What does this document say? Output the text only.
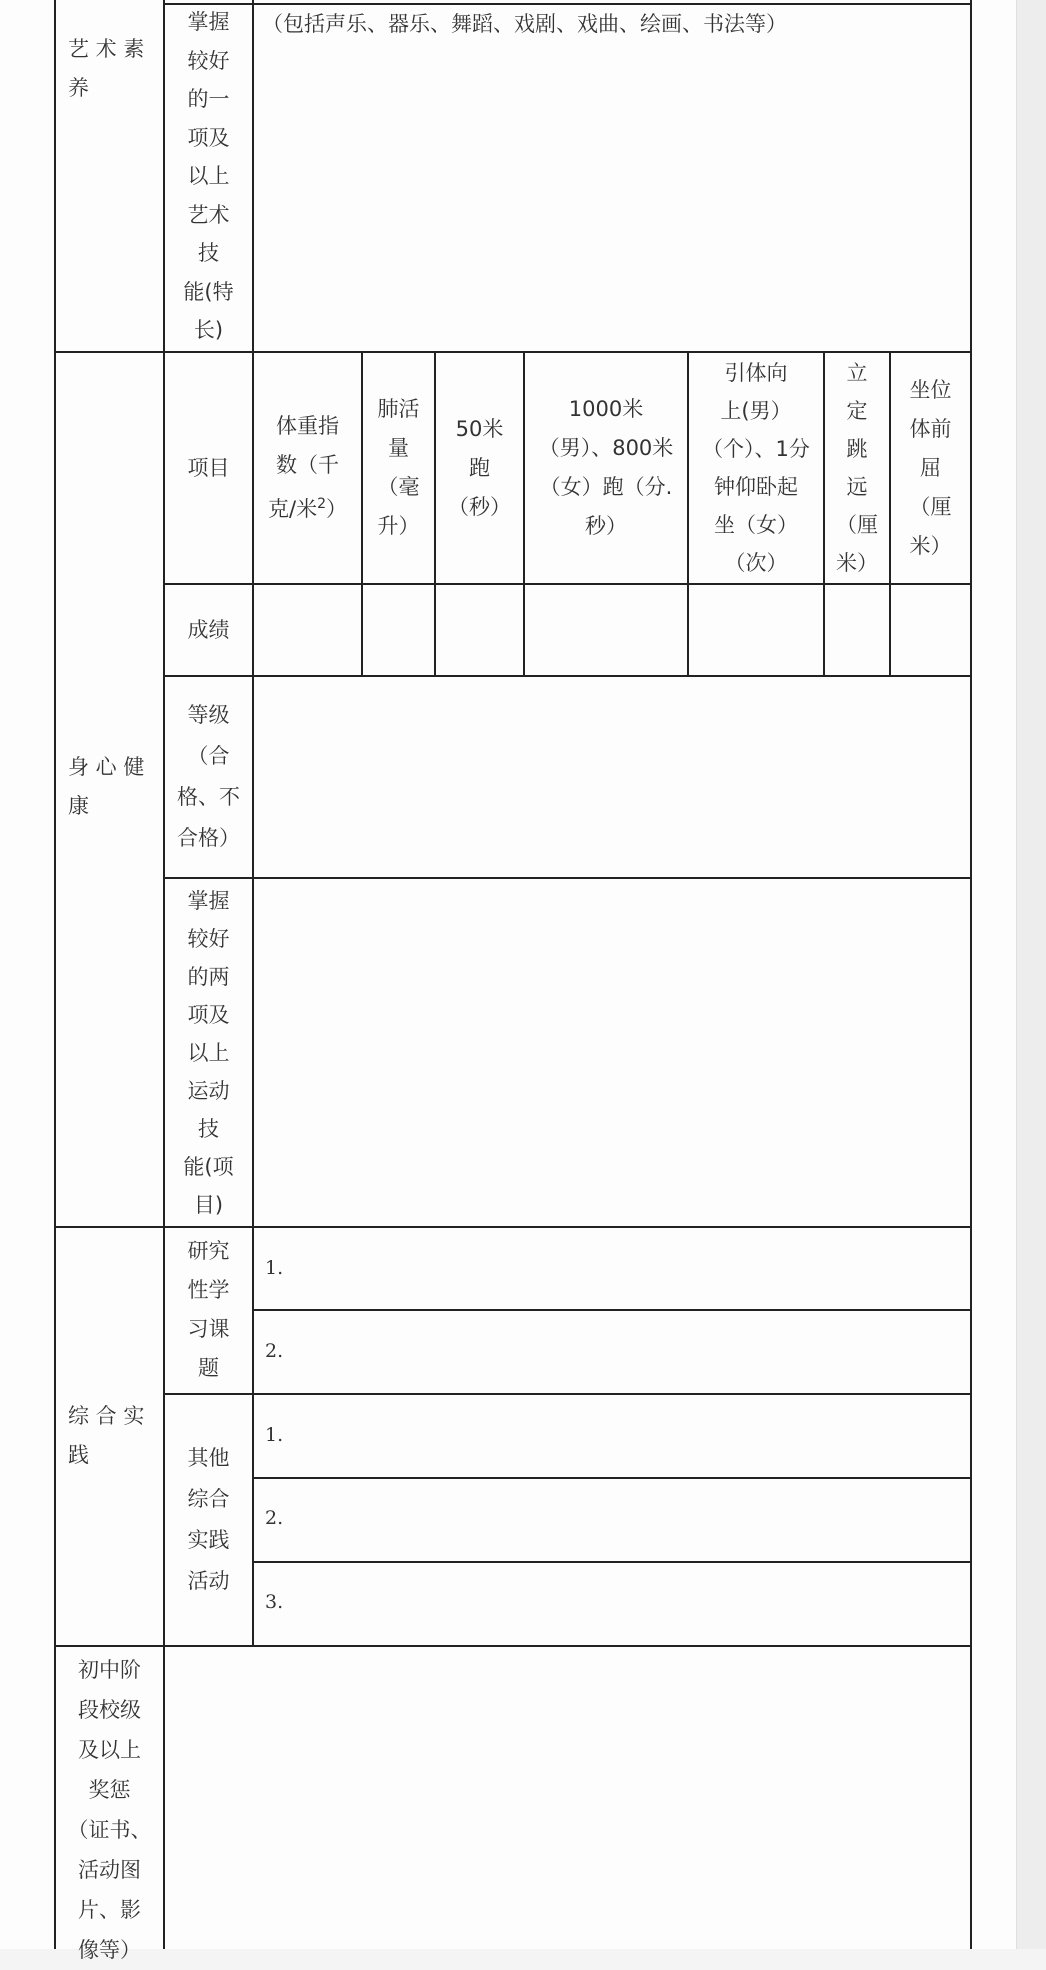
艺 术 素
养
掌握
较好
的一
项及
以上
艺术
技
能(特
长)
（包括声乐、器乐、舞蹈、戏剧、戏曲、绘画、书法等）
身 心 健
康
项目
体重指
数（千
克/米$^2$）
肺活
量
（毫
升）
50米
跑
（秒）
1000米
（男）、800米
（女）跑（分.
秒）
引体向
上(男）
（个）、1分
钟仰卧起
坐（女）
（次）
立
定
跳
远
（厘
米）
坐位
体前
屈
（厘
米）
成绩
等级
（合
格、不
合格）
掌握
较好
的两
项及
以上
运动
技
能(项
目)
综 合 实
践
研究
性学
习课
题
1.
2.
其他
综合
实践
活动
1.
2.
3.
初中阶
段校级
及以上
奖惩
（证书、
活动图
片、影
像等）
